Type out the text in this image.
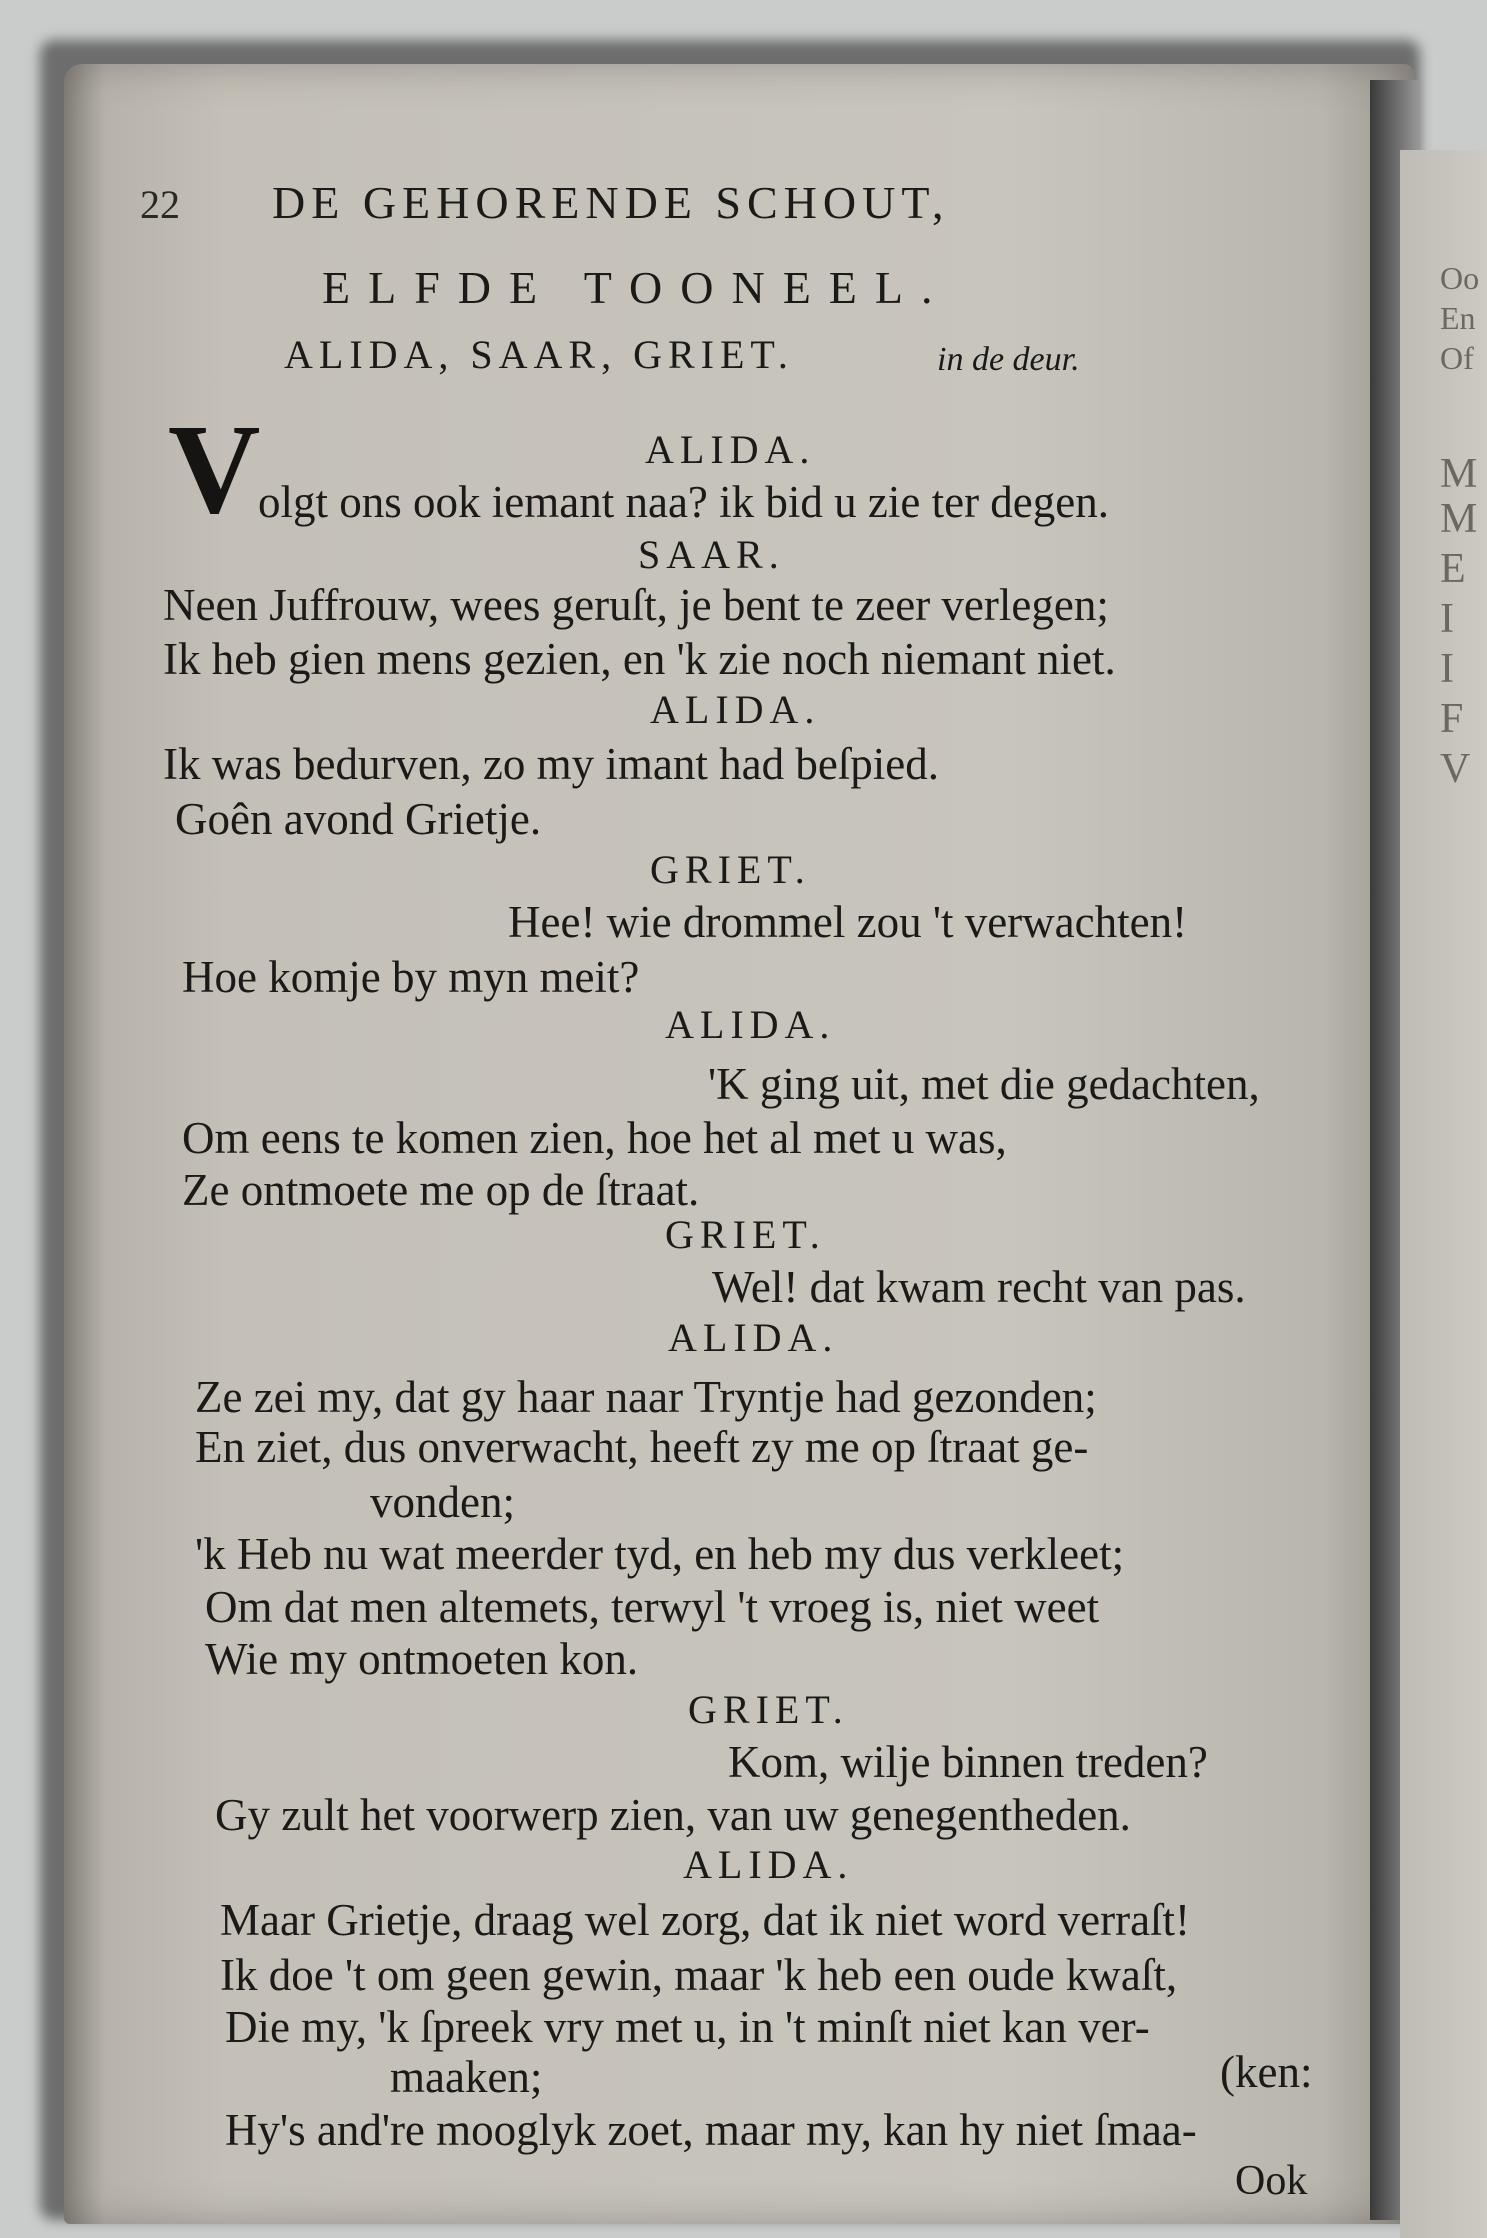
Oo
En
Of
M
M
E
I
I
F
V
22 DE GEHORENDE SCHOUT,
ELFDE TOONEEL.
ALIDA, SAAR, GRIET.	in de deur.
V	ALIDA.
olgt ons ook iemant naa? ik bid u zie ter degen.
SAAR.
Neen Juffrouw, wees geruſt, je bent te zeer verlegen;
Ik heb gien mens gezien, en 'k zie noch niemant niet.
ALIDA.
Ik was bedurven, zo my imant had beſpied.
Goên avond Grietje.
GRIET.
Hee! wie drommel zou 't verwachten!
Hoe komje by myn meit?
ALIDA.
'K ging uit, met die gedachten,
Om eens te komen zien, hoe het al met u was,
Ze ontmoete me op de ſtraat.
GRIET.
Wel! dat kwam recht van pas.
ALIDA.
Ze zei my, dat gy haar naar Tryntje had gezonden;
En ziet, dus onverwacht, heeft zy me op ſtraat ge-
vonden;
'k Heb nu wat meerder tyd, en heb my dus verkleet;
Om dat men altemets, terwyl 't vroeg is, niet weet
Wie my ontmoeten kon.
GRIET.
Kom, wilje binnen treden?
Gy zult het voorwerp zien, van uw genegentheden.
ALIDA.
Maar Grietje, draag wel zorg, dat ik niet word verraſt!
Ik doe 't om geen gewin, maar 'k heb een oude kwaſt,
Die my, 'k ſpreek vry met u, in 't minſt niet kan ver-
(ken:
maaken;
Hy's and're mooglyk zoet, maar my, kan hy niet ſmaa-
Ook
